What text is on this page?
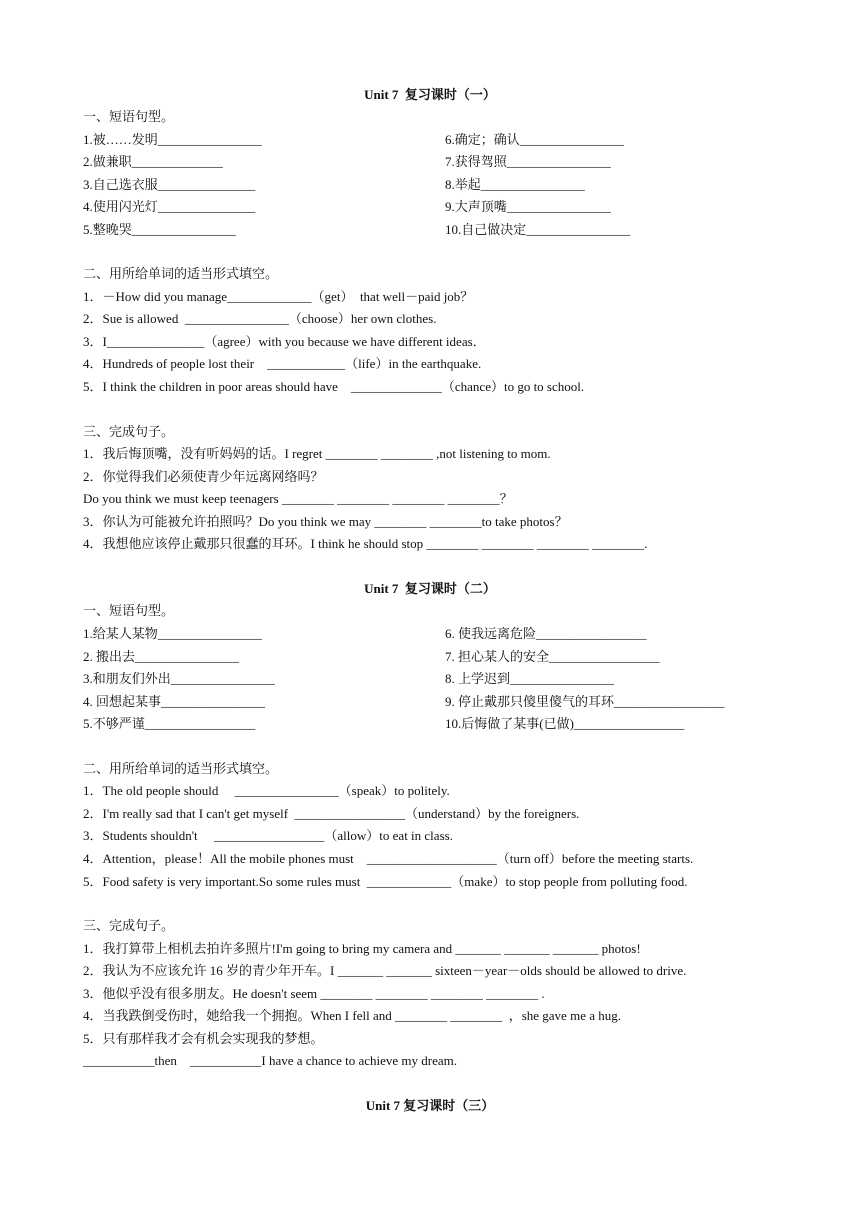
Unit 7  复习课时（一）
一、短语句型。
1.被……发明________________
2.做兼职______________
3.自己选衣服_______________
4.使用闪光灯_______________
5.整晚哭________________
6.确定；确认________________
7.获得驾照________________
8.举起________________
9.大声顶嘴________________
10.自己做决定________________
二、用所给单词的适当形式填空。
1．－How did you manage_____________（get）  that well－paid job？
2．Sue is allowed  ________________（choose）her own clothes.
3．I_______________（agree）with you because we have different ideas．
4．Hundreds of people lost their    ____________（life）in the earthquake.
5．I think the children in poor areas should have    ______________（chance）to go to school.
三、完成句子。
1．我后悔顶嘴，没有听妈妈的话。I regret ________ ________ ,not listening to mom.
2．你觉得我们必须使青少年远离网络吗？
Do you think we must keep teenagers ________ ________ ________ ________？
3．你认为可能被允许拍照吗？Do you think we may ________ ________to take photos？
4．我想他应该停止戴那只很蠢的耳环。I think he should stop ________ ________ ________ ________.
Unit 7  复习课时（二）
一、短语句型。
1.给某人某物________________
2. 搬出去________________
3.和朋友们外出________________
4. 回想起某事________________
5.不够严谨_________________
6. 使我远离危险_________________
7. 担心某人的安全_________________
8. 上学迟到________________
9. 停止戴那只傻里傻气的耳环_________________
10.后悔做了某事(已做)_________________
二、用所给单词的适当形式填空。
1．The old people should     ________________（speak）to politely.
2．I'm really sad that I can't get myself  _________________（understand）by the foreigners.
3．Students shouldn't     _________________（allow）to eat in class.
4．Attention，please！All the mobile phones must    ____________________（turn off）before the meeting starts.
5．Food safety is very important.So some rules must  _____________（make）to stop people from polluting food.
三、完成句子。
1．我打算带上相机去拍许多照片!I'm going to bring my camera and _______ _______ _______ photos!
2．我认为不应该允许 16 岁的青少年开车。I _______ _______ sixteen－year－olds should be allowed to drive.
3．他似乎没有很多朋友。He doesn't seem ________ ________ ________ ________ .
4．当我跌倒受伤时，她给我一个拥抱。When I fell and ________ ________  ，she gave me a hug.
5．只有那样我才会有机会实现我的梦想。
___________then    ___________I have a chance to achieve my dream.
Unit 7 复习课时（三）
